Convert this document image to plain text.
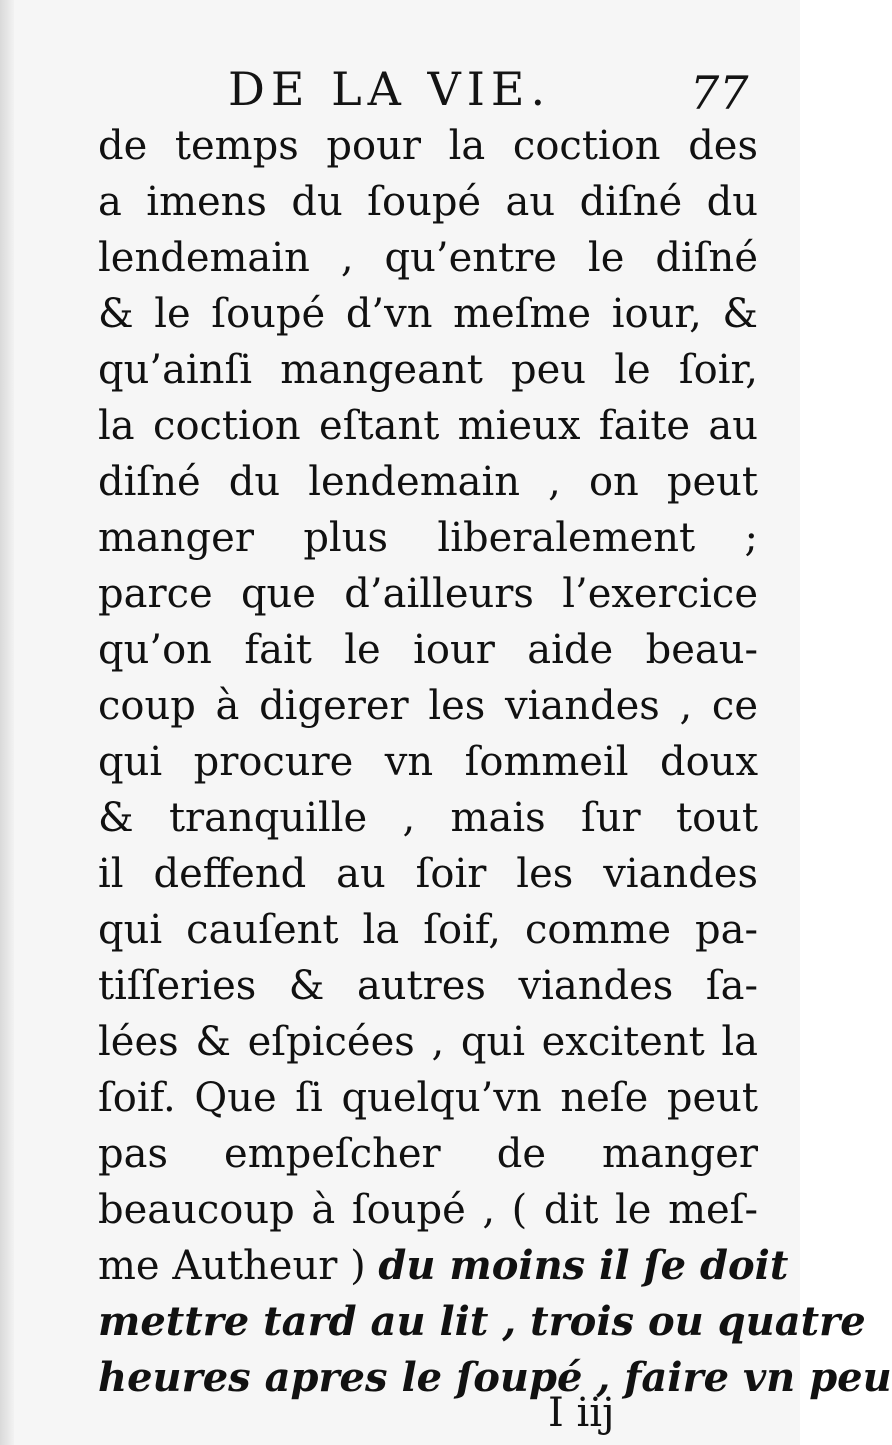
DE LA VIE.	77
de temps pour la coction des
a imens du ſoupé au diſné du
lendemain , qu’entre le diſné
& le ſoupé d’vn meſme iour, &
qu’ainſi mangeant peu le ſoir,
la coction eſtant mieux faite au
diſné du lendemain , on peut
manger plus liberalement ;
parce que d’ailleurs l’exercice
qu’on fait le iour aide beau-
coup à digerer les viandes , ce
qui procure vn ſommeil doux
& tranquille , mais ſur tout
il deffend au ſoir les viandes
qui cauſent la ſoif, comme pa-
tiſſeries & autres viandes ſa-
lées & eſpicées , qui excitent la
ſoif. Que ſi quelqu’vn neſe peut
pas empeſcher de manger
beaucoup à ſoupé , ( dit le meſ-
me Autheur ) du moins il ſe doit
mettre tard au lit , trois ou quatre
heures apres le ſoupé , faire vn peu
I iij
